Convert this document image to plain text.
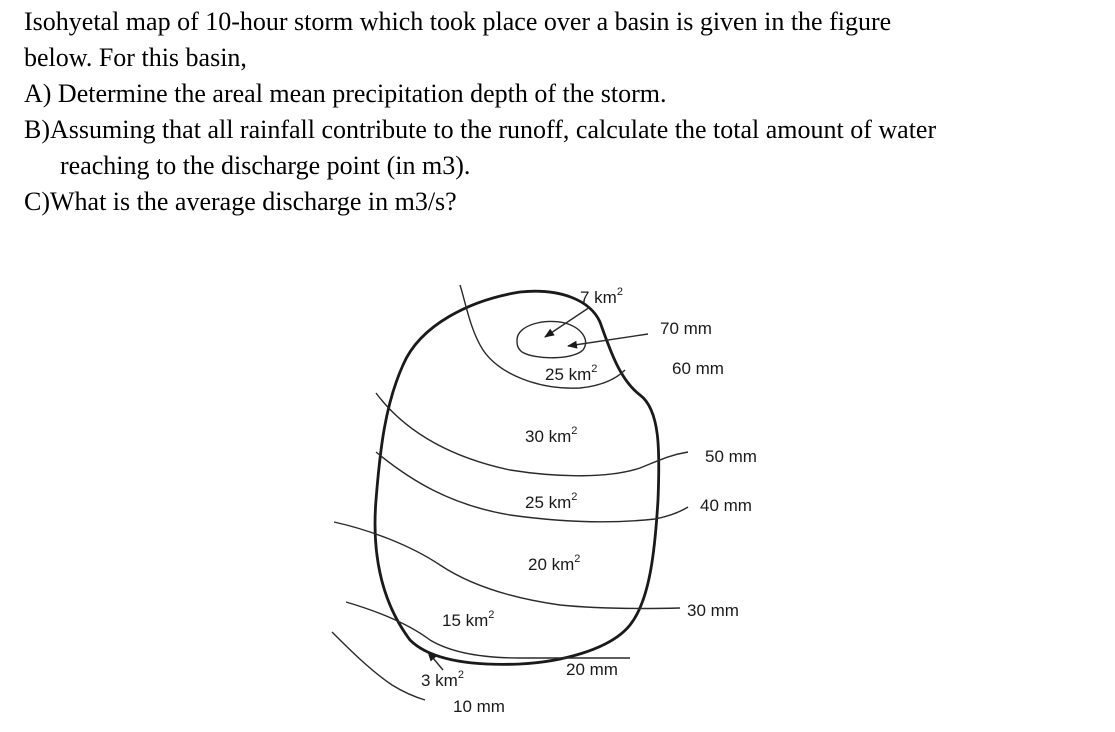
Isohyetal map of 10-hour storm which took place over a basin is given in the figure
below. For this basin,
A) Determine the areal mean precipitation depth of the storm.
B)Assuming that all rainfall contribute to the runoff, calculate the total amount of water
reaching to the discharge point (in m3).
C)What is the average discharge in m3/s?
70 mm
60 mm
50 mm
40 mm
30 mm
20 mm
10 mm
7 $km^2$
25 $km^2$
30 $km^2$
25 $km^2$
20 $km^2$
15 $km^2$
3 $km^2$
